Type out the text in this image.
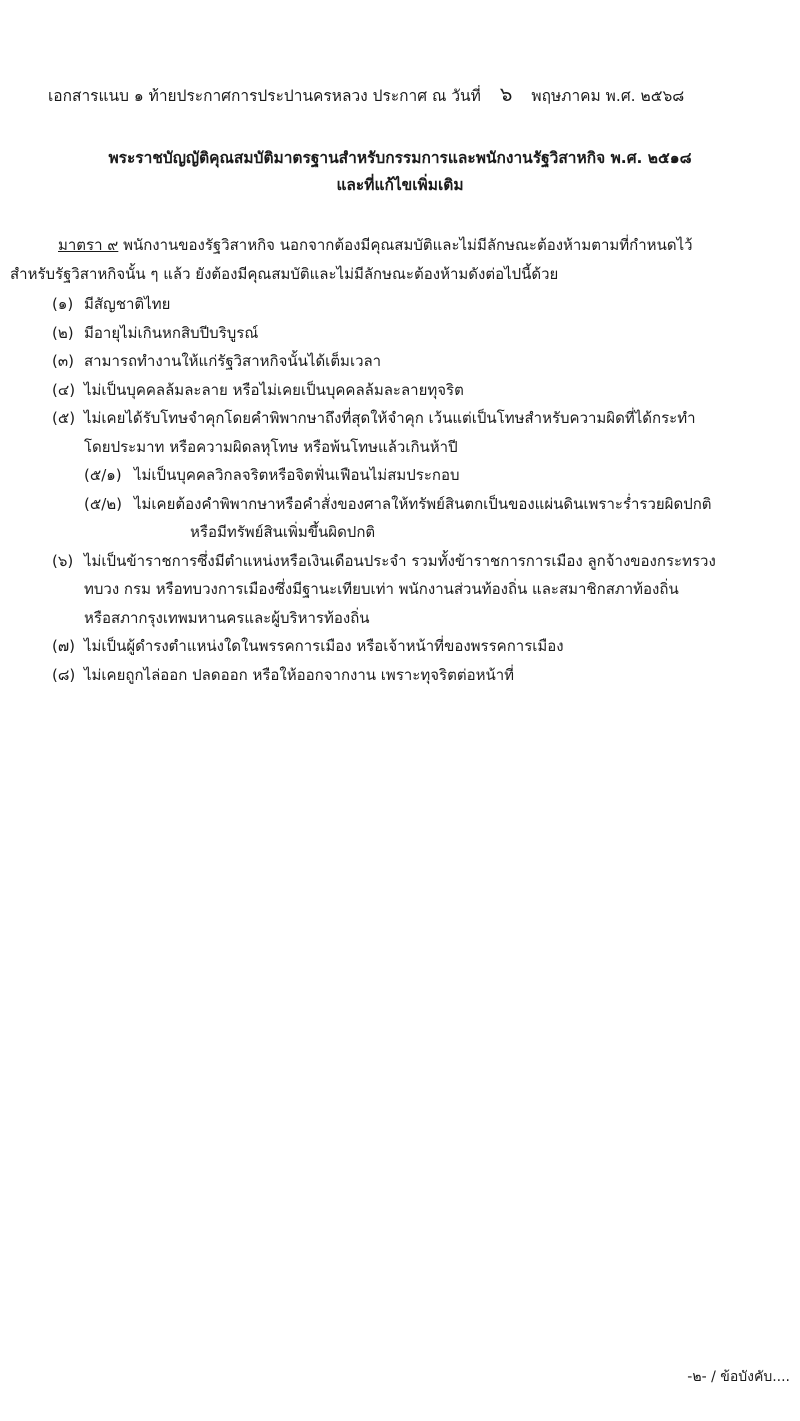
เอกสารแนบ ๑ ท้ายประกาศการประปานครหลวง ประกาศ ณ วันที่ ๖ พฤษภาคม พ.ศ. ๒๕๖๘
พระราชบัญญัติคุณสมบัติมาตรฐานสำหรับกรรมการและพนักงานรัฐวิสาหกิจ พ.ศ. ๒๕๑๘
และที่แก้ไขเพิ่มเติม
มาตรา ๙ พนักงานของรัฐวิสาหกิจ นอกจากต้องมีคุณสมบัติและไม่มีลักษณะต้องห้ามตามที่กำหนดไว้
สำหรับรัฐวิสาหกิจนั้น ๆ แล้ว ยังต้องมีคุณสมบัติและไม่มีลักษณะต้องห้ามดังต่อไปนี้ด้วย
(๑) มีสัญชาติไทย
(๒) มีอายุไม่เกินหกสิบปีบริบูรณ์
(๓) สามารถทำงานให้แก่รัฐวิสาหกิจนั้นได้เต็มเวลา
(๔) ไม่เป็นบุคคลล้มละลาย หรือไม่เคยเป็นบุคคลล้มละลายทุจริต
(๕) ไม่เคยได้รับโทษจำคุกโดยคำพิพากษาถึงที่สุดให้จำคุก เว้นแต่เป็นโทษสำหรับความผิดที่ได้กระทำ
โดยประมาท หรือความผิดลหุโทษ หรือพ้นโทษแล้วเกินห้าปี
(๕/๑) ไม่เป็นบุคคลวิกลจริตหรือจิตฟั่นเฟือนไม่สมประกอบ
(๕/๒) ไม่เคยต้องคำพิพากษาหรือคำสั่งของศาลให้ทรัพย์สินตกเป็นของแผ่นดินเพราะร่ำรวยผิดปกติ
หรือมีทรัพย์สินเพิ่มขึ้นผิดปกติ
(๖) ไม่เป็นข้าราชการซึ่งมีตำแหน่งหรือเงินเดือนประจำ รวมทั้งข้าราชการการเมือง ลูกจ้างของกระทรวง
ทบวง กรม หรือทบวงการเมืองซึ่งมีฐานะเทียบเท่า พนักงานส่วนท้องถิ่น และสมาชิกสภาท้องถิ่น
หรือสภากรุงเทพมหานครและผู้บริหารท้องถิ่น
(๗) ไม่เป็นผู้ดำรงตำแหน่งใดในพรรคการเมือง หรือเจ้าหน้าที่ของพรรคการเมือง
(๘) ไม่เคยถูกไล่ออก ปลดออก หรือให้ออกจากงาน เพราะทุจริตต่อหน้าที่
-๒- / ข้อบังคับ....
